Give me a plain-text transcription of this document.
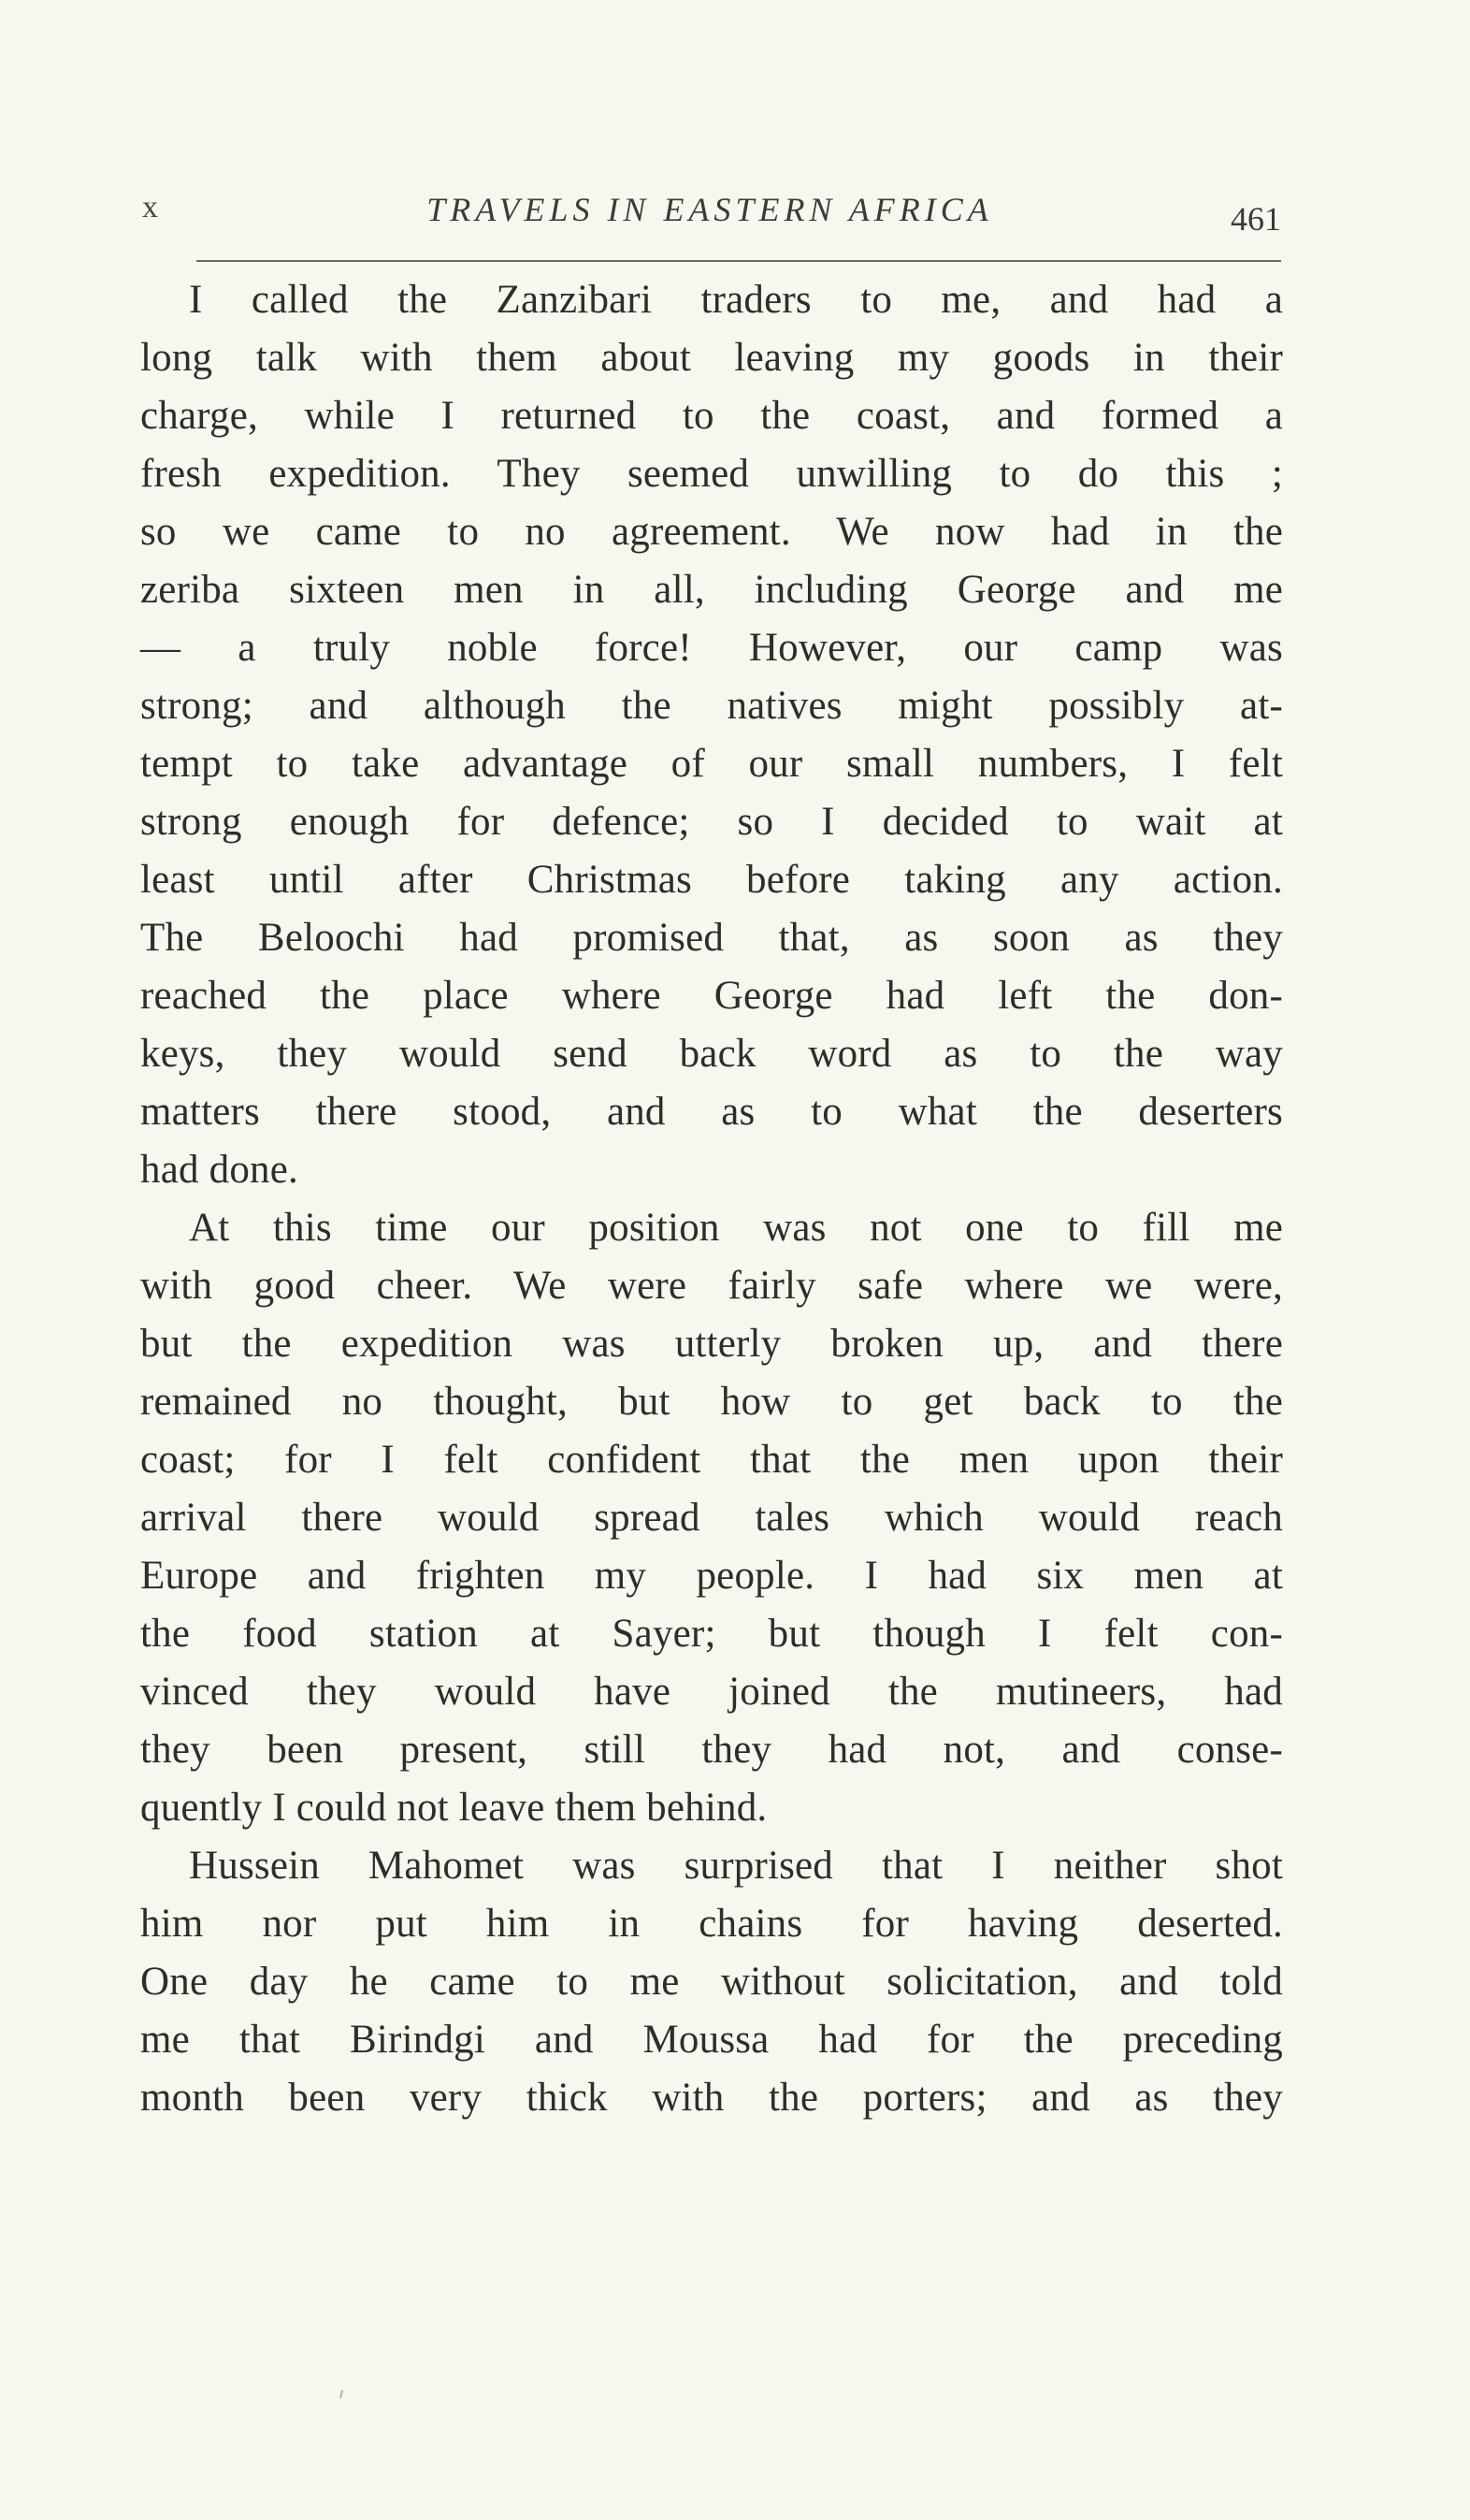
x	TRAVELS IN EASTERN AFRICA	461
I called the Zanzibari traders to me, and had a
long talk with them about leaving my goods in their
charge, while I returned to the coast, and formed a
fresh expedition. They seemed unwilling to do this ;
so we came to no agreement. We now had in the
zeriba sixteen men in all, including George and me
— a truly noble force! However, our camp was
strong; and although the natives might possibly at-
tempt to take advantage of our small numbers, I felt
strong enough for defence; so I decided to wait at
least until after Christmas before taking any action.
The Beloochi had promised that, as soon as they
reached the place where George had left the don-
keys, they would send back word as to the way
matters there stood, and as to what the deserters
had done.
At this time our position was not one to fill me
with good cheer. We were fairly safe where we were,
but the expedition was utterly broken up, and there
remained no thought, but how to get back to the
coast; for I felt confident that the men upon their
arrival there would spread tales which would reach
Europe and frighten my people. I had six men at
the food station at Sayer; but though I felt con-
vinced they would have joined the mutineers, had
they been present, still they had not, and conse-
quently I could not leave them behind.
Hussein Mahomet was surprised that I neither shot
him nor put him in chains for having deserted.
One day he came to me without solicitation, and told
me that Birindgi and Moussa had for the preceding
month been very thick with the porters; and as they
